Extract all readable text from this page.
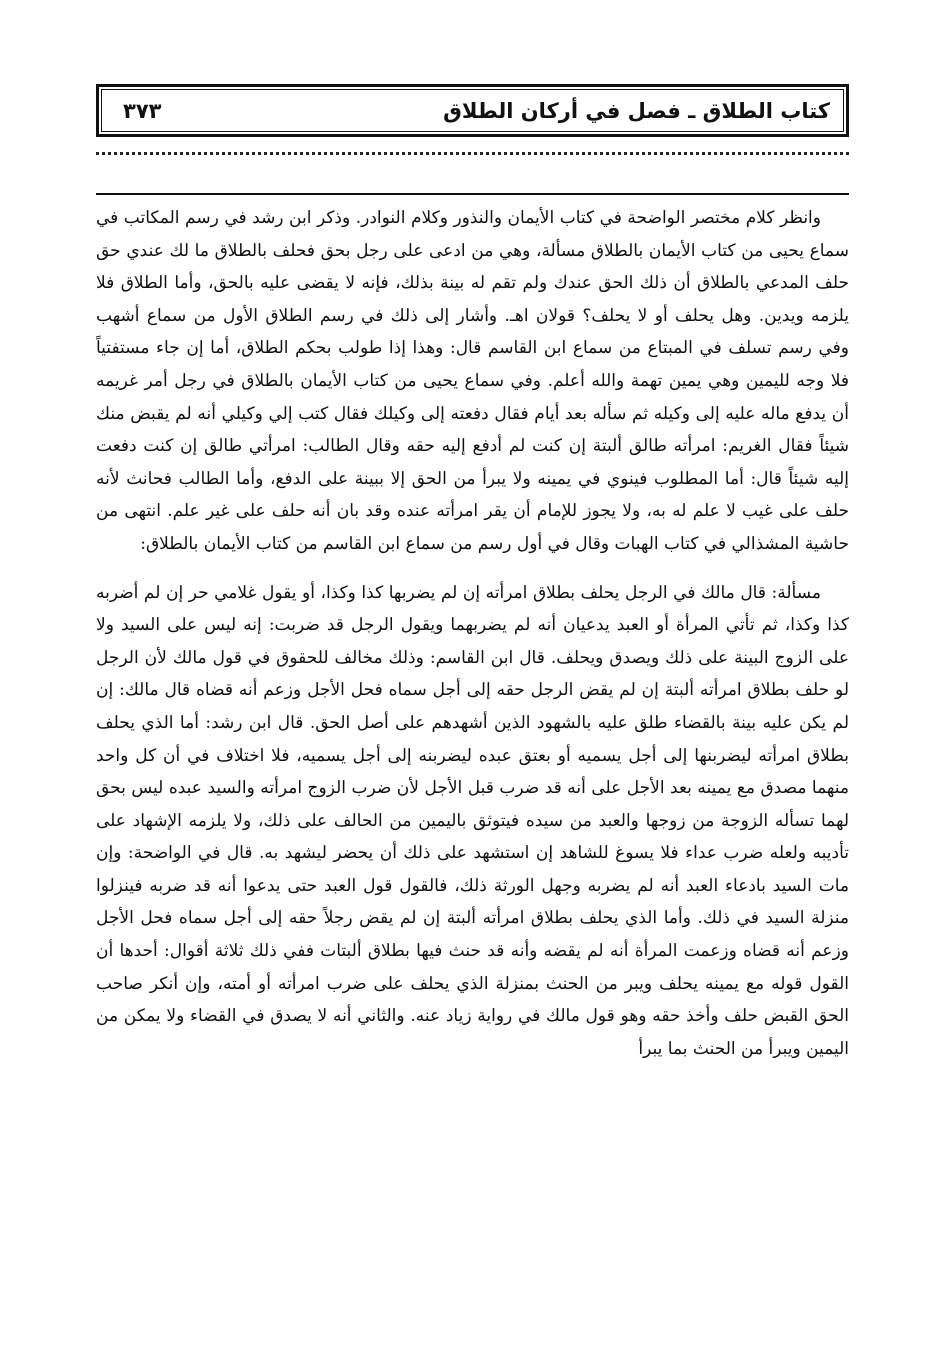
كتاب الطلاق ـ فصل في أركان الطلاق
٣٧٣

وانظر كلام مختصر الواضحة في كتاب الأيمان والنذور وكلام النوادر. وذكر ابن رشد في رسم المكاتب في سماع يحيى من كتاب الأيمان بالطلاق مسألة، وهي من ادعى على رجل بحق فحلف بالطلاق ما لك عندي حق حلف المدعي بالطلاق أن ذلك الحق عندك ولم تقم له بينة بذلك، فإنه لا يقضى عليه بالحق، وأما الطلاق فلا يلزمه ويدين. وهل يحلف أو لا يحلف؟ قولان اهـ. وأشار إلى ذلك في رسم الطلاق الأول من سماع أشهب وفي رسم تسلف في المبتاع من سماع ابن القاسم قال: وهذا إذا طولب بحكم الطلاق، أما إن جاء مستفتياً فلا وجه لليمين وهي يمين تهمة والله أعلم. وفي سماع يحيى من كتاب الأيمان بالطلاق في رجل أمر غريمه أن يدفع ماله عليه إلى وكيله ثم سأله بعد أيام فقال دفعته إلى وكيلك فقال كتب إلي وكيلي أنه لم يقبض منك شيئاً فقال الغريم: امرأته طالق ألبتة إن كنت لم أدفع إليه حقه وقال الطالب: امرأتي طالق إن كنت دفعت إليه شيئاً قال: أما المطلوب فينوي في يمينه ولا يبرأ من الحق إلا ببينة على الدفع، وأما الطالب فحانث لأنه حلف على غيب لا علم له به، ولا يجوز للإمام أن يقر امرأته عنده وقد بان أنه حلف على غير علم. انتهى من حاشية المشذالي في كتاب الهبات وقال في أول رسم من سماع ابن القاسم من كتاب الأيمان بالطلاق:

مسألة: قال مالك في الرجل يحلف بطلاق امرأته إن لم يضربها كذا وكذا، أو يقول غلامي حر إن لم أضربه كذا وكذا، ثم تأتي المرأة أو العبد يدعيان أنه لم يضربهما ويقول الرجل قد ضربت: إنه ليس على السيد ولا على الزوج البينة على ذلك ويصدق ويحلف. قال ابن القاسم: وذلك مخالف للحقوق في قول مالك لأن الرجل لو حلف بطلاق امرأته ألبتة إن لم يقض الرجل حقه إلى أجل سماه فحل الأجل وزعم أنه قضاه قال مالك: إن لم يكن عليه بينة بالقضاء طلق عليه بالشهود الذين أشهدهم على أصل الحق. قال ابن رشد: أما الذي يحلف بطلاق امرأته ليضربنها إلى أجل يسميه أو بعتق عبده ليضربنه إلى أجل يسميه، فلا اختلاف في أن كل واحد منهما مصدق مع يمينه بعد الأجل على أنه قد ضرب قبل الأجل لأن ضرب الزوج امرأته والسيد عبده ليس بحق لهما تسأله الزوجة من زوجها والعبد من سيده فيتوثق باليمين من الحالف على ذلك، ولا يلزمه الإشهاد على تأديبه ولعله ضرب عداء فلا يسوغ للشاهد إن استشهد على ذلك أن يحضر ليشهد به. قال في الواضحة: وإن مات السيد بادعاء العبد أنه لم يضربه وجهل الورثة ذلك، فالقول قول العبد حتى يدعوا أنه قد ضربه فينزلوا منزلة السيد في ذلك. وأما الذي يحلف بطلاق امرأته ألبتة إن لم يقض رجلاً حقه إلى أجل سماه فحل الأجل وزعم أنه قضاه وزعمت المرأة أنه لم يقضه وأنه قد حنث فيها بطلاق ألبتات ففي ذلك ثلاثة أقوال: أحدها أن القول قوله مع يمينه يحلف ويبر من الحنث بمنزلة الذي يحلف على ضرب امرأته أو أمته، وإن أنكر صاحب الحق القبض حلف وأخذ حقه وهو قول مالك في رواية زياد عنه. والثاني أنه لا يصدق في القضاء ولا يمكن من اليمين ويبرأ من الحنث بما يبرأ
